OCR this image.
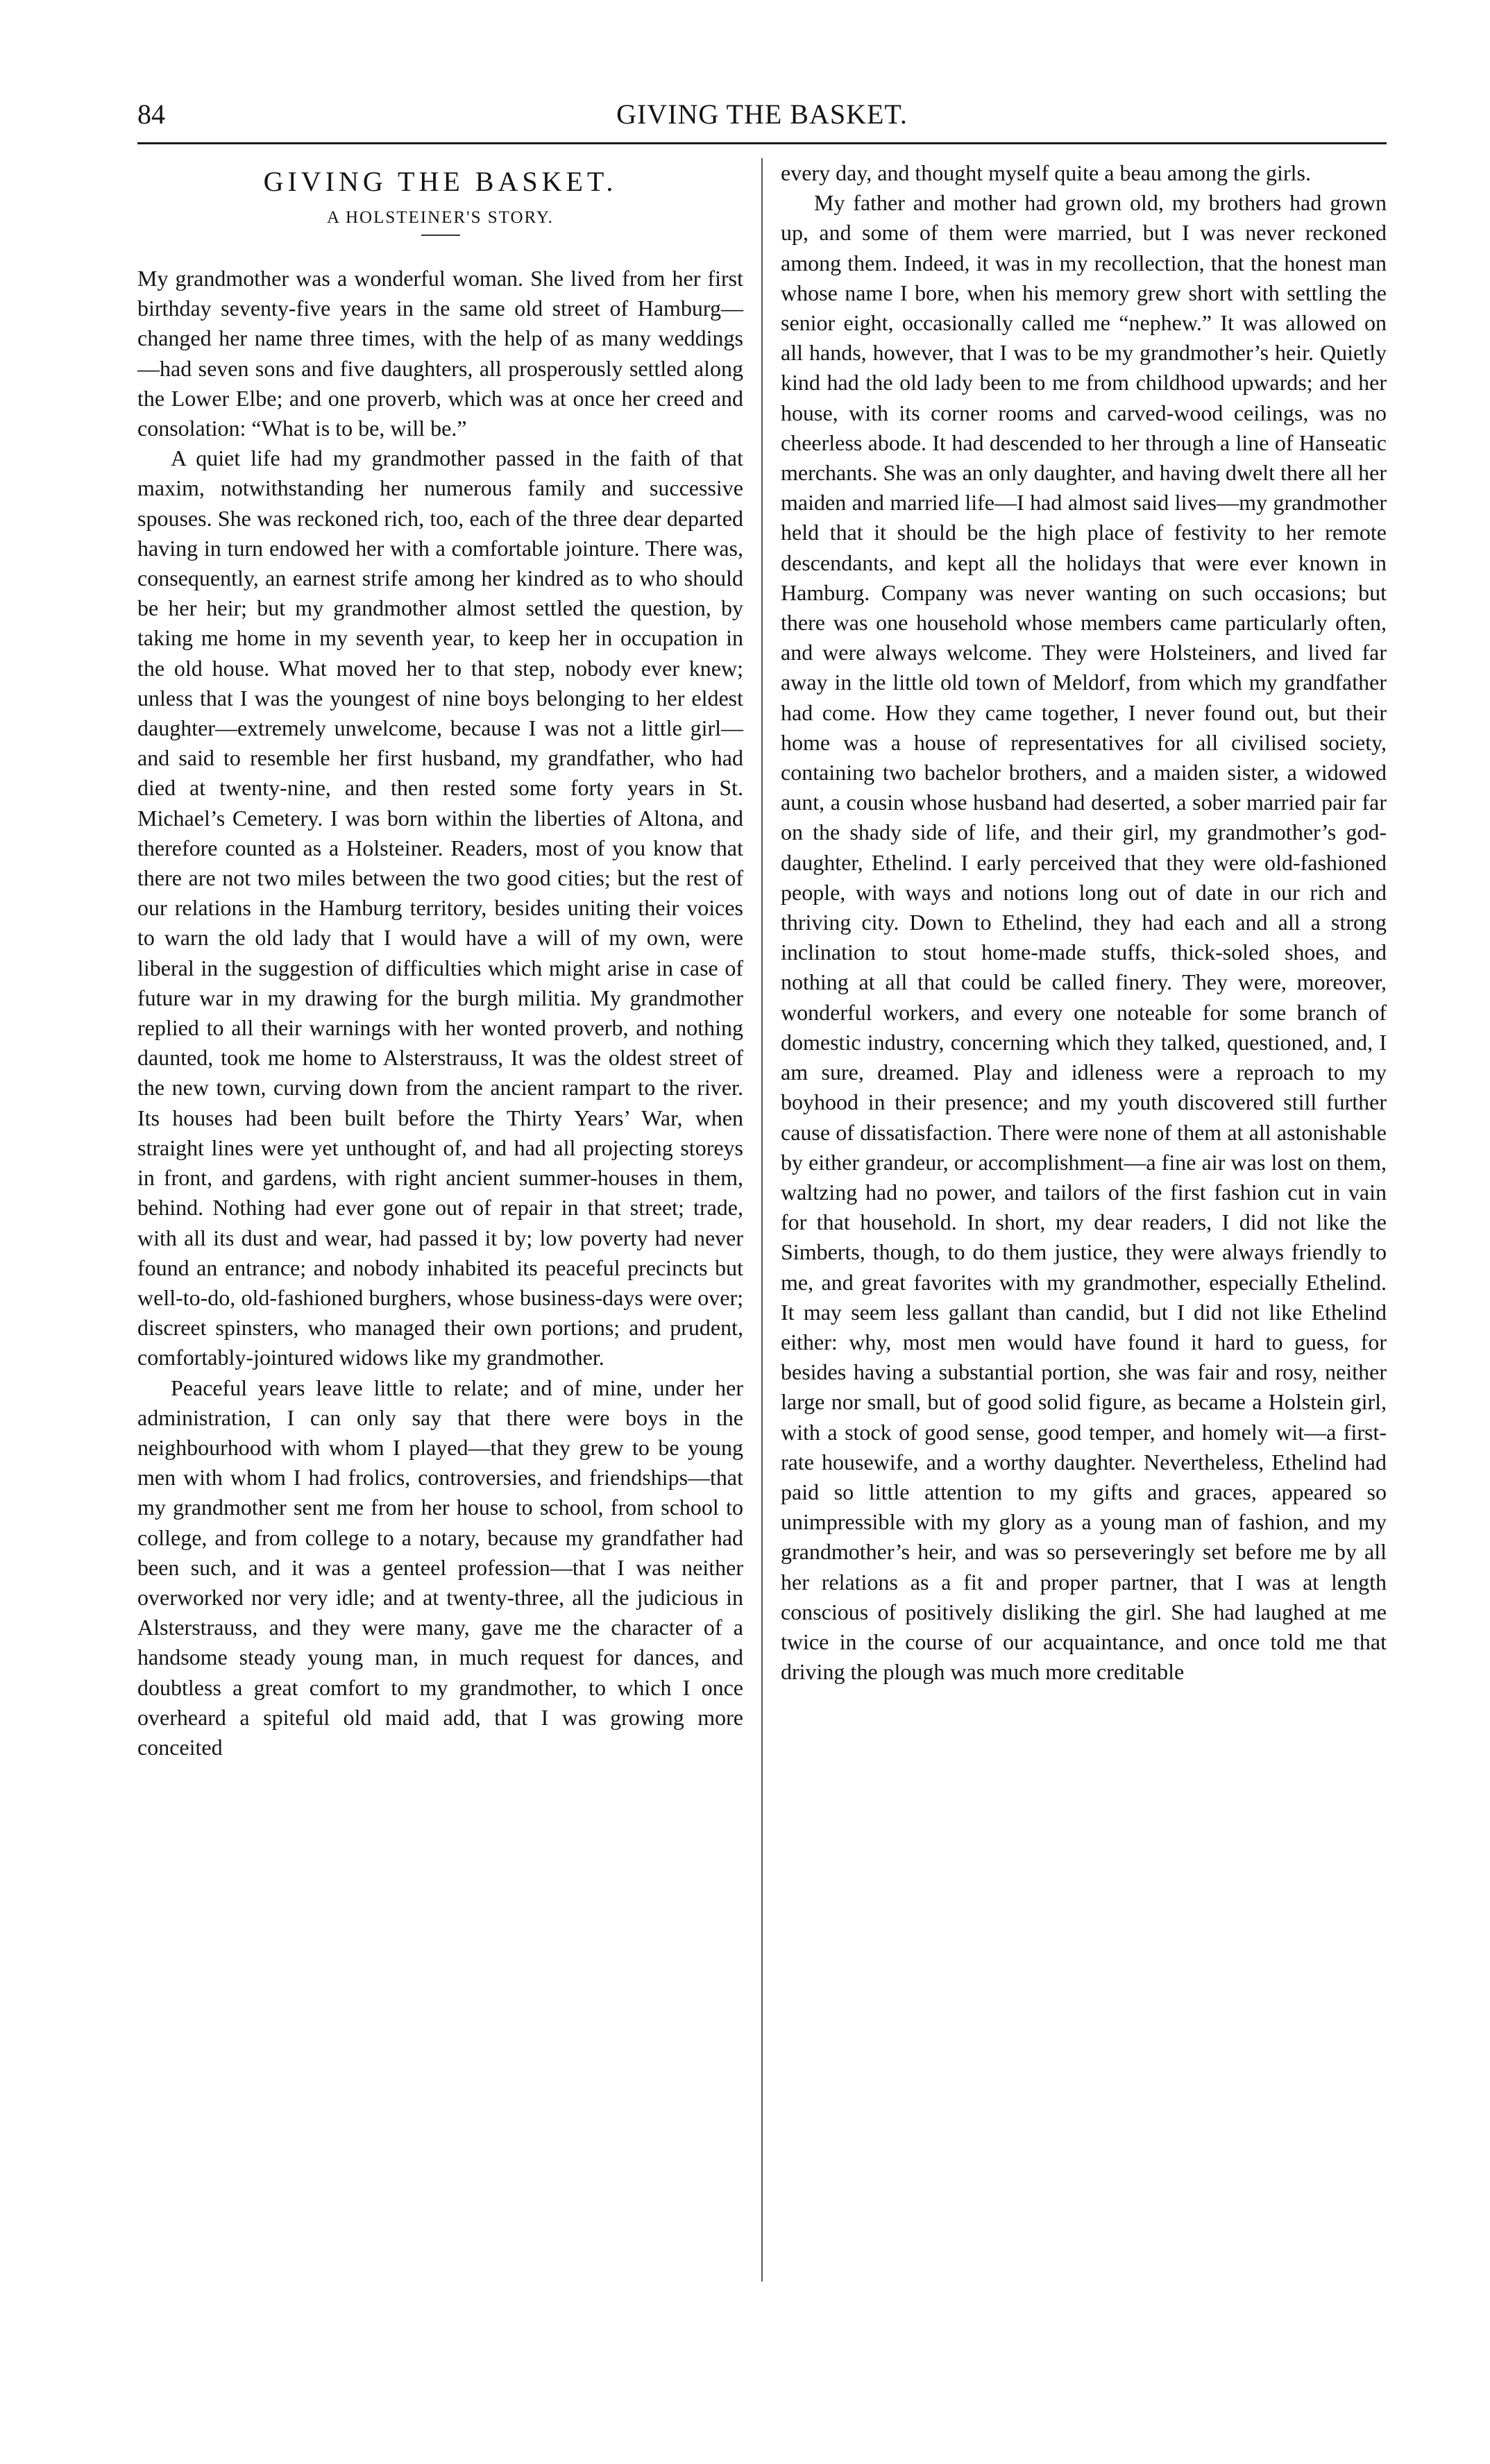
84	GIVING THE BASKET.
GIVING THE BASKET.
A HOLSTEINER'S STORY.

My grandmother was a wonderful woman. She lived from her first birthday seventy-five years in the same old street of Hamburg—changed her name three times, with the help of as many weddings—had seven sons and five daughters, all prosperously settled along the Lower Elbe; and one proverb, which was at once her creed and consolation: “What is to be, will be.”

A quiet life had my grandmother passed in the faith of that maxim, notwithstanding her numerous family and successive spouses. She was reckoned rich, too, each of the three dear departed having in turn endowed her with a comfortable jointure. There was, consequently, an earnest strife among her kindred as to who should be her heir; but my grandmother almost settled the question, by taking me home in my seventh year, to keep her in occupation in the old house. What moved her to that step, nobody ever knew; unless that I was the youngest of nine boys belonging to her eldest daughter—extremely unwelcome, because I was not a little girl—and said to resemble her first husband, my grandfather, who had died at twenty-nine, and then rested some forty years in St. Michael’s Cemetery. I was born within the liberties of Altona, and therefore counted as a Holsteiner. Readers, most of you know that there are not two miles between the two good cities; but the rest of our relations in the Hamburg territory, besides uniting their voices to warn the old lady that I would have a will of my own, were liberal in the suggestion of difficulties which might arise in case of future war in my drawing for the burgh militia. My grandmother replied to all their warnings with her wonted proverb, and nothing daunted, took me home to Alsterstrauss, It was the oldest street of the new town, curving down from the ancient rampart to the river. Its houses had been built before the Thirty Years’ War, when straight lines were yet unthought of, and had all projecting storeys in front, and gardens, with right ancient summer-houses in them, behind. Nothing had ever gone out of repair in that street; trade, with all its dust and wear, had passed it by; low poverty had never found an entrance; and nobody inhabited its peaceful precincts but well-to-do, old-fashioned burghers, whose business-days were over; discreet spinsters, who managed their own portions; and prudent, comfortably-jointured widows like my grandmother.

Peaceful years leave little to relate; and of mine, under her administration, I can only say that there were boys in the neighbourhood with whom I played—that they grew to be young men with whom I had frolics, controversies, and friendships—that my grandmother sent me from her house to school, from school to college, and from college to a notary, because my grandfather had been such, and it was a genteel profession—that I was neither overworked nor very idle; and at twenty-three, all the judicious in Alsterstrauss, and they were many, gave me the character of a handsome steady young man, in much request for dances, and doubtless a great comfort to my grandmother, to which I once overheard a spiteful old maid add, that I was growing more conceited

every day, and thought myself quite a beau among the girls.

My father and mother had grown old, my brothers had grown up, and some of them were married, but I was never reckoned among them. Indeed, it was in my recollection, that the honest man whose name I bore, when his memory grew short with settling the senior eight, occasionally called me “nephew.” It was allowed on all hands, however, that I was to be my grandmother’s heir. Quietly kind had the old lady been to me from childhood upwards; and her house, with its corner rooms and carved-wood ceilings, was no cheerless abode. It had descended to her through a line of Hanseatic merchants. She was an only daughter, and having dwelt there all her maiden and married life—I had almost said lives—my grandmother held that it should be the high place of festivity to her remote descendants, and kept all the holidays that were ever known in Hamburg. Company was never wanting on such occasions; but there was one household whose members came particularly often, and were always welcome. They were Holsteiners, and lived far away in the little old town of Meldorf, from which my grandfather had come. How they came together, I never found out, but their home was a house of representatives for all civilised society, containing two bachelor brothers, and a maiden sister, a widowed aunt, a cousin whose husband had deserted, a sober married pair far on the shady side of life, and their girl, my grandmother’s god-daughter, Ethelind. I early perceived that they were old-fashioned people, with ways and notions long out of date in our rich and thriving city. Down to Ethelind, they had each and all a strong inclination to stout home-made stuffs, thick-soled shoes, and nothing at all that could be called finery. They were, moreover, wonderful workers, and every one noteable for some branch of domestic industry, concerning which they talked, questioned, and, I am sure, dreamed. Play and idleness were a reproach to my boyhood in their presence; and my youth discovered still further cause of dissatisfaction. There were none of them at all astonishable by either grandeur, or accomplishment—a fine air was lost on them, waltzing had no power, and tailors of the first fashion cut in vain for that household. In short, my dear readers, I did not like the Simberts, though, to do them justice, they were always friendly to me, and great favorites with my grandmother, especially Ethelind. It may seem less gallant than candid, but I did not like Ethelind either: why, most men would have found it hard to guess, for besides having a substantial portion, she was fair and rosy, neither large nor small, but of good solid figure, as became a Holstein girl, with a stock of good sense, good temper, and homely wit—a first-rate housewife, and a worthy daughter. Nevertheless, Ethelind had paid so little attention to my gifts and graces, appeared so unimpressible with my glory as a young man of fashion, and my grandmother’s heir, and was so perseveringly set before me by all her relations as a fit and proper partner, that I was at length conscious of positively disliking the girl. She had laughed at me twice in the course of our acquaintance, and once told me that driving the plough was much more creditable
